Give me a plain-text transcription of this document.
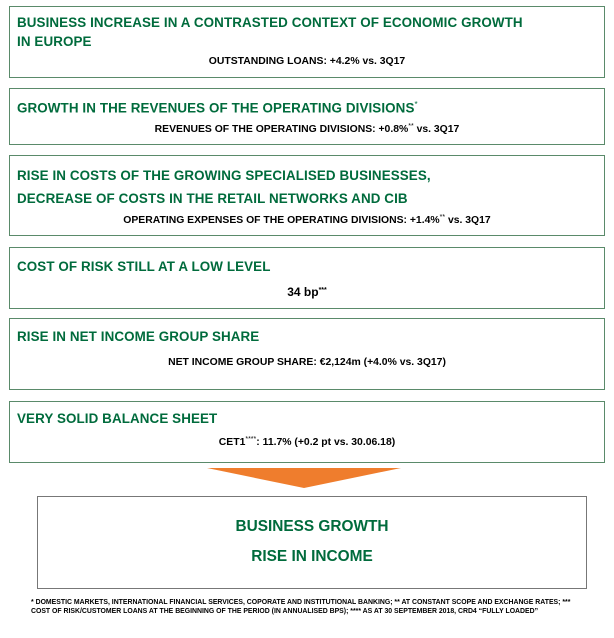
BUSINESS INCREASE IN A CONTRASTED CONTEXT OF ECONOMIC GROWTH
IN EUROPE
OUTSTANDING LOANS: +4.2% vs. 3Q17
GROWTH IN THE REVENUES OF THE OPERATING DIVISIONS*
REVENUES OF THE OPERATING DIVISIONS: +0.8%** vs. 3Q17
RISE IN COSTS OF THE GROWING SPECIALISED BUSINESSES,
DECREASE OF COSTS IN THE RETAIL NETWORKS AND CIB
OPERATING EXPENSES OF THE OPERATING DIVISIONS: +1.4%** vs. 3Q17
COST OF RISK STILL AT A LOW LEVEL
34 bp***
RISE IN NET INCOME GROUP SHARE
NET INCOME GROUP SHARE: €2,124m (+4.0% vs. 3Q17)
VERY SOLID BALANCE SHEET
CET1****: 11.7% (+0.2 pt vs. 30.06.18)
BUSINESS GROWTH
RISE IN INCOME
* DOMESTIC MARKETS, INTERNATIONAL FINANCIAL SERVICES, COPORATE AND INSTITUTIONAL BANKING; ** AT CONSTANT SCOPE AND EXCHANGE RATES; *** COST OF RISK/CUSTOMER LOANS AT THE BEGINNING OF THE PERIOD (IN ANNUALISED BPS); **** AS AT 30 SEPTEMBER 2018, CRD4 “FULLY LOADED”
